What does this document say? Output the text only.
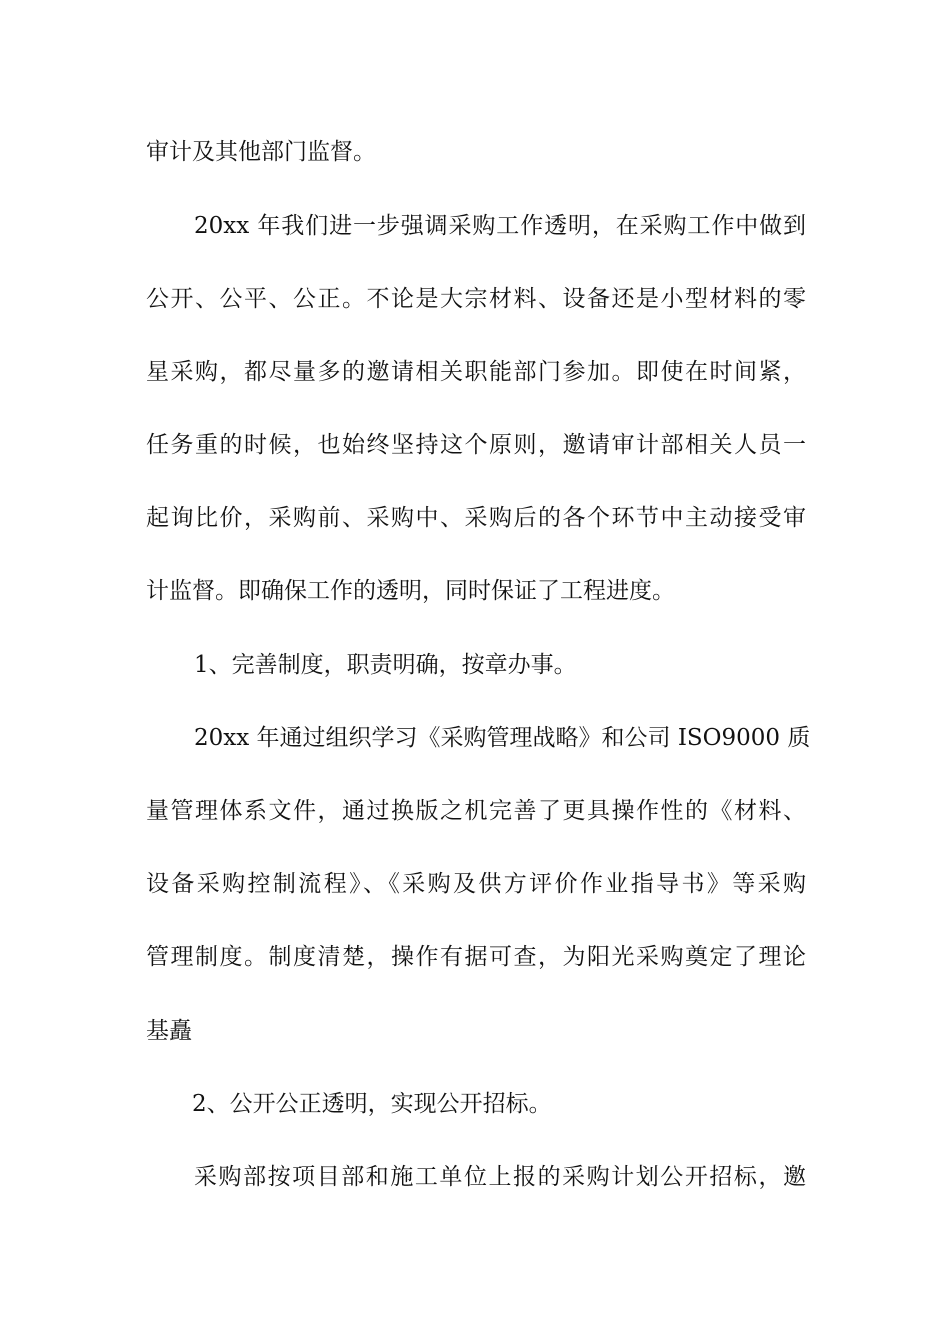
审计及其他部门监督。
20xx 年我们进一步强调采购工作透明，在采购工作中做到
公开、公平、公正。不论是大宗材料、设备还是小型材料的零
星采购，都尽量多的邀请相关职能部门参加。即使在时间紧，
任务重的时候，也始终坚持这个原则，邀请审计部相关人员一
起询比价，采购前、采购中、采购后的各个环节中主动接受审
计监督。即确保工作的透明，同时保证了工程进度。
1、完善制度，职责明确，按章办事。
20xx 年通过组织学习《采购管理战略》和公司 ISO9000 质
量管理体系文件，通过换版之机完善了更具操作性的《材料、
设备采购控制流程》、《采购及供方评价作业指导书》等采购
管理制度。制度清楚，操作有据可查，为阳光采购奠定了理论
基矗
2、公开公正透明，实现公开招标。
采购部按项目部和施工单位上报的采购计划公开招标，邀
